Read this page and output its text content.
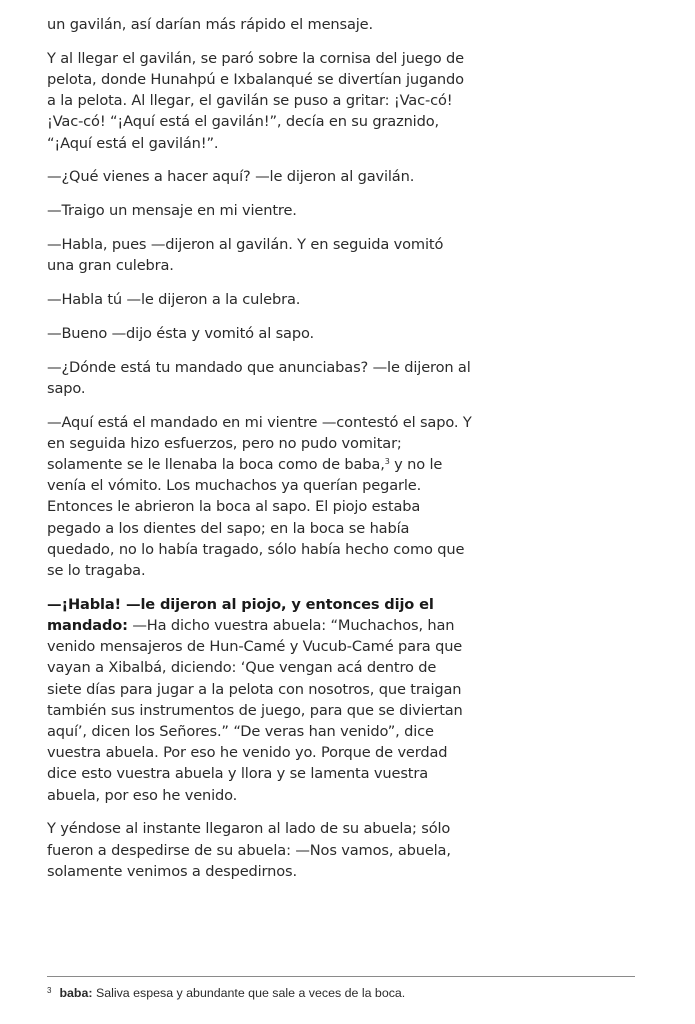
un gavilán, así darían más rápido el mensaje.

Y al llegar el gavilán, se paró sobre la cornisa del juego de pelota, donde Hunahpú e Ixbalanqué se divertían jugando a la pelota. Al llegar, el gavilán se puso a gritar: ¡Vac-có! ¡Vac-có! “¡Aquí está el gavilán!”, decía en su graznido, “¡Aquí está el gavilán!”.

—¿Qué vienes a hacer aquí? —le dijeron al gavilán.

—Traigo un mensaje en mi vientre.

—Habla, pues —dijeron al gavilán. Y en seguida vomitó una gran culebra.

—Habla tú —le dijeron a la culebra.

—Bueno —dijo ésta y vomitó al sapo.

—¿Dónde está tu mandado que anunciabas? —le dijeron al sapo.

—Aquí está el mandado en mi vientre —contestó el sapo. Y en seguida hizo esfuerzos, pero no pudo vomitar; solamente se le llenaba la boca como de baba,$^3$ y no le venía el vómito. Los muchachos ya querían pegarle. Entonces le abrieron la boca al sapo. El piojo estaba pegado a los dientes del sapo; en la boca se había quedado, no lo había tragado, sólo había hecho como que se lo tragaba.

—¡Habla! —le dijeron al piojo, y entonces dijo el mandado: —Ha dicho vuestra abuela: “Muchachos, han venido mensajeros de Hun-Camé y Vucub-Camé para que vayan a Xibalbá, diciendo: ‘Que vengan acá dentro de siete días para jugar a la pelota con nosotros, que traigan también sus instrumentos de juego, para que se diviertan aquí’, dicen los Señores.” “De veras han venido”, dice vuestra abuela. Por eso he venido yo. Porque de verdad dice esto vuestra abuela y llora y se lamenta vuestra abuela, por eso he venido.

Y yéndose al instante llegaron al lado de su abuela; sólo fueron a despedirse de su abuela: —Nos vamos, abuela, solamente venimos a despedirnos.

$^3$ baba: Saliva espesa y abundante que sale a veces de la boca.
